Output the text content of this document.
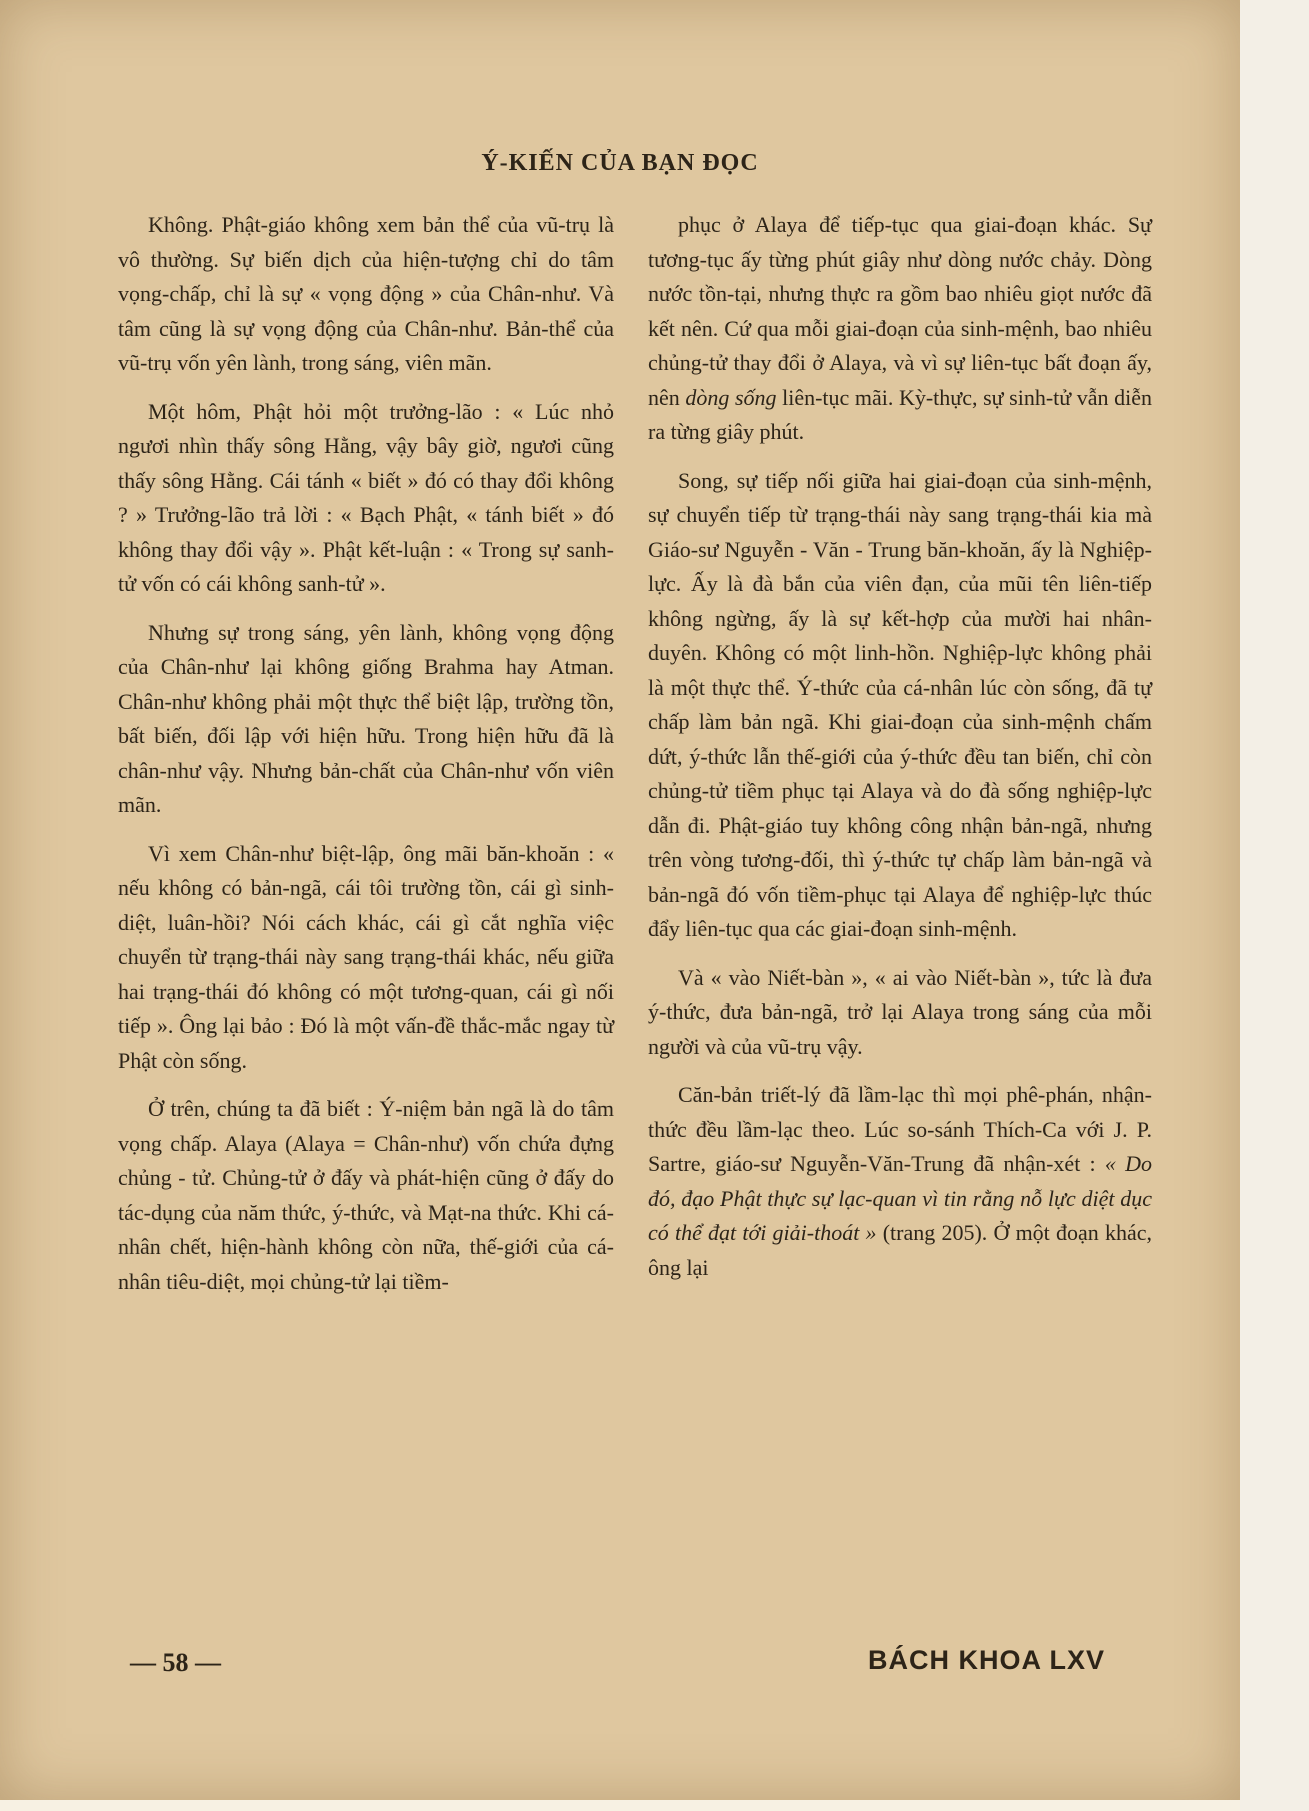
Ý-KIẾN CỦA BẠN ĐỌC

Không. Phật-giáo không xem bản thể của vũ-trụ là vô thường. Sự biến dịch của hiện-tượng chỉ do tâm vọng-chấp, chỉ là sự « vọng động » của Chân-như. Và tâm cũng là sự vọng động của Chân-như. Bản-thể của vũ-trụ vốn yên lành, trong sáng, viên mãn.

Một hôm, Phật hỏi một trưởng-lão : « Lúc nhỏ ngươi nhìn thấy sông Hằng, vậy bây giờ, ngươi cũng thấy sông Hằng. Cái tánh « biết » đó có thay đổi không ? » Trưởng-lão trả lời : « Bạch Phật, « tánh biết » đó không thay đổi vậy ». Phật kết-luận : « Trong sự sanh-tử vốn có cái không sanh-tử ».

Nhưng sự trong sáng, yên lành, không vọng động của Chân-như lại không giống Brahma hay Atman. Chân-như không phải một thực thể biệt lập, trường tồn, bất biến, đối lập với hiện hữu. Trong hiện hữu đã là chân-như vậy. Nhưng bản-chất của Chân-như vốn viên mãn.

Vì xem Chân-như biệt-lập, ông mãi băn-khoăn : « nếu không có bản-ngã, cái tôi trường tồn, cái gì sinh-diệt, luân-hồi? Nói cách khác, cái gì cắt nghĩa việc chuyển từ trạng-thái này sang trạng-thái khác, nếu giữa hai trạng-thái đó không có một tương-quan, cái gì nối tiếp ». Ông lại bảo : Đó là một vấn-đề thắc-mắc ngay từ Phật còn sống.

Ở trên, chúng ta đã biết : Ý-niệm bản ngã là do tâm vọng chấp. Alaya (Alaya = Chân-như) vốn chứa đựng chủng - tử. Chủng-tử ở đấy và phát-hiện cũng ở đấy do tác-dụng của năm thức, ý-thức, và Mạt-na thức. Khi cá-nhân chết, hiện-hành không còn nữa, thế-giới của cá-nhân tiêu-diệt, mọi chủng-tử lại tiềm-

phục ở Alaya để tiếp-tục qua giai-đoạn khác. Sự tương-tục ấy từng phút giây như dòng nước chảy. Dòng nước tồn-tại, nhưng thực ra gồm bao nhiêu giọt nước đã kết nên. Cứ qua mỗi giai-đoạn của sinh-mệnh, bao nhiêu chủng-tử thay đổi ở Alaya, và vì sự liên-tục bất đoạn ấy, nên dòng sống liên-tục mãi. Kỳ-thực, sự sinh-tử vẫn diễn ra từng giây phút.

Song, sự tiếp nối giữa hai giai-đoạn của sinh-mệnh, sự chuyển tiếp từ trạng-thái này sang trạng-thái kia mà Giáo-sư Nguyễn - Văn - Trung băn-khoăn, ấy là Nghiệp-lực. Ấy là đà bắn của viên đạn, của mũi tên liên-tiếp không ngừng, ấy là sự kết-hợp của mười hai nhân-duyên. Không có một linh-hồn. Nghiệp-lực không phải là một thực thể. Ý-thức của cá-nhân lúc còn sống, đã tự chấp làm bản ngã. Khi giai-đoạn của sinh-mệnh chấm dứt, ý-thức lẫn thế-giới của ý-thức đều tan biến, chỉ còn chủng-tử tiềm phục tại Alaya và do đà sống nghiệp-lực dẫn đi. Phật-giáo tuy không công nhận bản-ngã, nhưng trên vòng tương-đối, thì ý-thức tự chấp làm bản-ngã và bản-ngã đó vốn tiềm-phục tại Alaya để nghiệp-lực thúc đẩy liên-tục qua các giai-đoạn sinh-mệnh.

Và « vào Niết-bàn », « ai vào Niết-bàn », tức là đưa ý-thức, đưa bản-ngã, trở lại Alaya trong sáng của mỗi người và của vũ-trụ vậy.

Căn-bản triết-lý đã lầm-lạc thì mọi phê-phán, nhận-thức đều lầm-lạc theo. Lúc so-sánh Thích-Ca với J. P. Sartre, giáo-sư Nguyễn-Văn-Trung đã nhận-xét : « Do đó, đạo Phật thực sự lạc-quan vì tin rằng nỗ lực diệt dục có thể đạt tới giải-thoát » (trang 205). Ở một đoạn khác, ông lại

— 58 —	BÁCH KHOA LXV
